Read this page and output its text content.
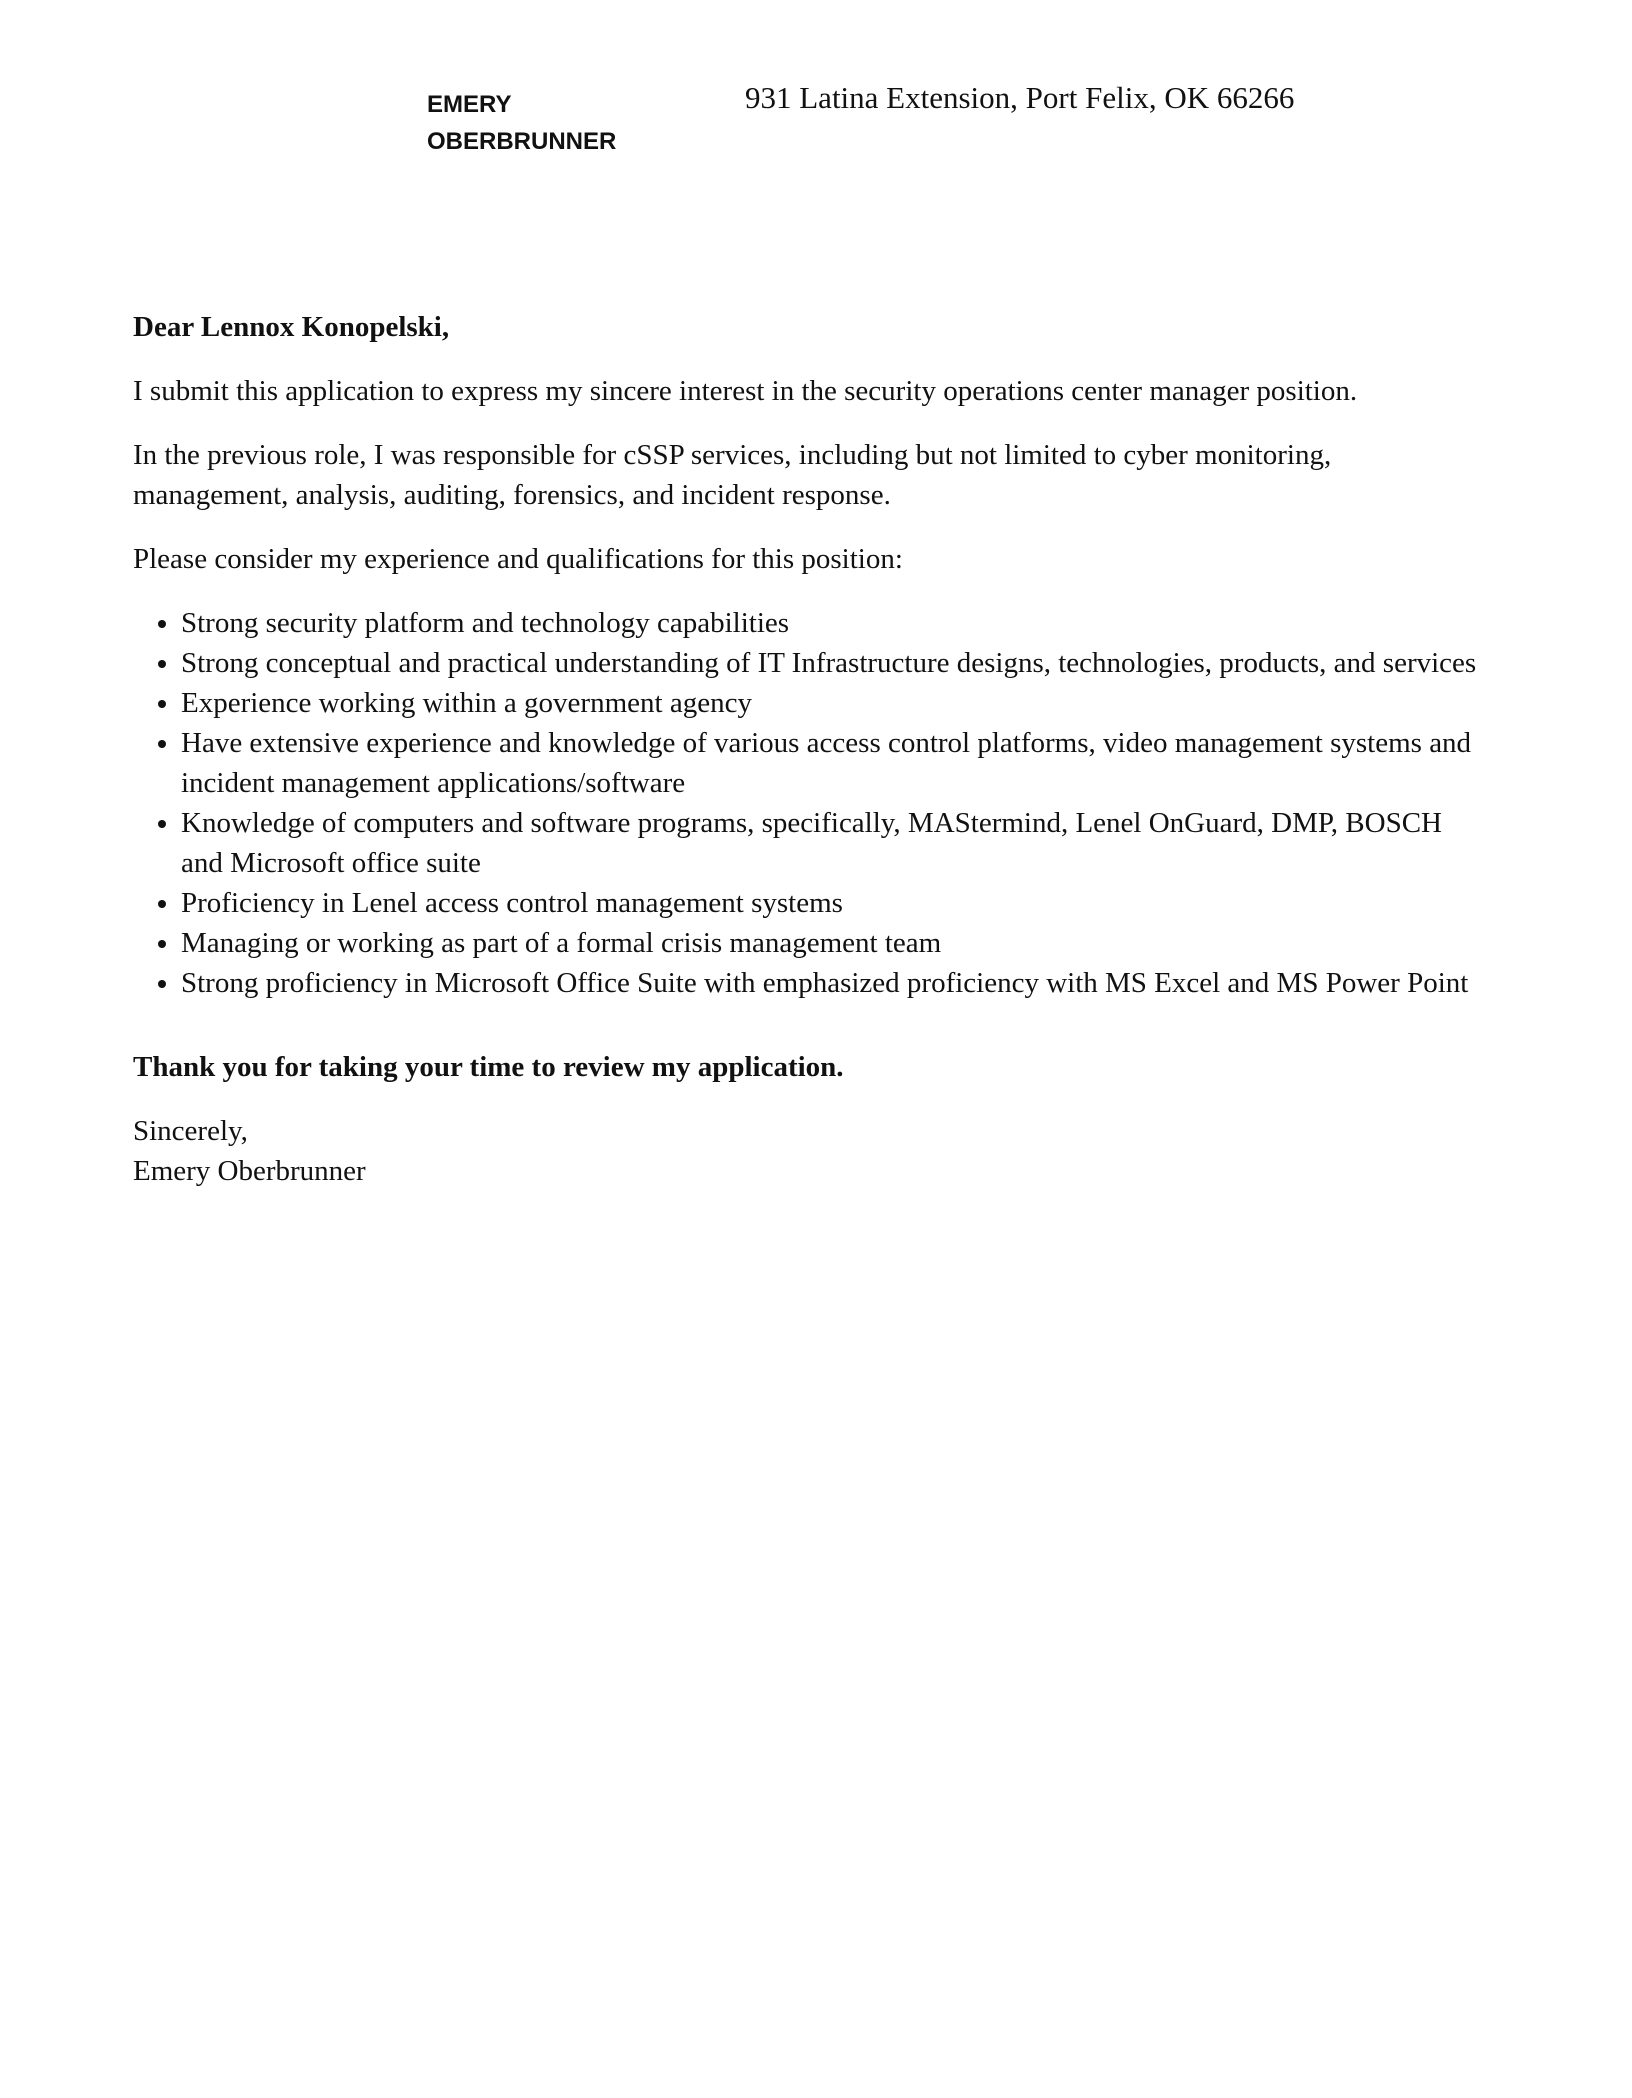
EMERY
OBERBRUNNER
931 Latina Extension, Port Felix, OK 66266

Dear Lennox Konopelski,

I submit this application to express my sincere interest in the security operations center manager position.

In the previous role, I was responsible for cSSP services, including but not limited to cyber monitoring, management, analysis, auditing, forensics, and incident response.

Please consider my experience and qualifications for this position:

• Strong security platform and technology capabilities
• Strong conceptual and practical understanding of IT Infrastructure designs, technologies, products, and services
• Experience working within a government agency
• Have extensive experience and knowledge of various access control platforms, video management systems and incident management applications/software
• Knowledge of computers and software programs, specifically, MAStermind, Lenel OnGuard, DMP, BOSCH and Microsoft office suite
• Proficiency in Lenel access control management systems
• Managing or working as part of a formal crisis management team
• Strong proficiency in Microsoft Office Suite with emphasized proficiency with MS Excel and MS Power Point

Thank you for taking your time to review my application.

Sincerely,
Emery Oberbrunner
